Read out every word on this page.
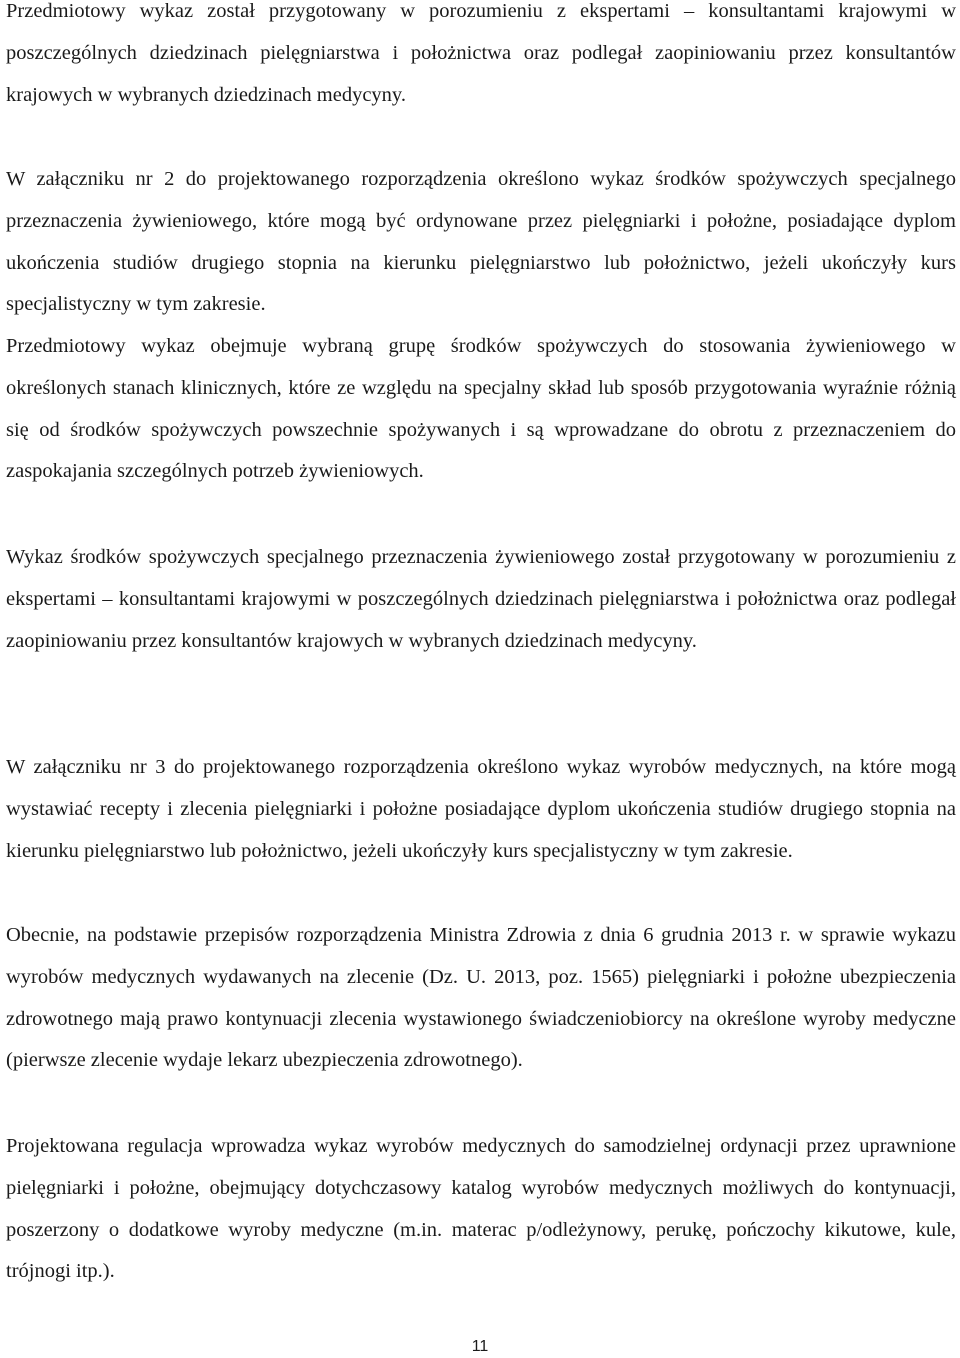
Przedmiotowy wykaz został przygotowany w porozumieniu z ekspertami – konsultantami krajowymi w poszczególnych dziedzinach pielęgniarstwa i położnictwa oraz podlegał zaopiniowaniu przez konsultantów krajowych w wybranych dziedzinach medycyny.

W załączniku nr 2 do projektowanego rozporządzenia określono wykaz środków spożywczych specjalnego przeznaczenia żywieniowego, które mogą być ordynowane przez pielęgniarki i położne, posiadające dyplom ukończenia studiów drugiego stopnia na kierunku pielęgniarstwo lub położnictwo, jeżeli ukończyły kurs specjalistyczny w tym zakresie.

Przedmiotowy wykaz obejmuje wybraną grupę środków spożywczych do stosowania żywieniowego w określonych stanach klinicznych, które ze względu na specjalny skład lub sposób przygotowania wyraźnie różnią się od środków spożywczych powszechnie spożywanych i są wprowadzane do obrotu z przeznaczeniem do zaspokajania szczególnych potrzeb żywieniowych.

Wykaz środków spożywczych specjalnego przeznaczenia żywieniowego został przygotowany w porozumieniu z ekspertami – konsultantami krajowymi w poszczególnych dziedzinach pielęgniarstwa i położnictwa oraz podlegał zaopiniowaniu przez konsultantów krajowych w wybranych dziedzinach medycyny.

W załączniku nr 3 do projektowanego rozporządzenia określono wykaz wyrobów medycznych, na które mogą wystawiać recepty i zlecenia pielęgniarki i położne posiadające dyplom ukończenia studiów drugiego stopnia na kierunku pielęgniarstwo lub położnictwo, jeżeli ukończyły kurs specjalistyczny w tym zakresie.

Obecnie, na podstawie przepisów rozporządzenia Ministra Zdrowia z dnia 6 grudnia 2013 r. w sprawie wykazu wyrobów medycznych wydawanych na zlecenie (Dz. U. 2013, poz. 1565) pielęgniarki i położne ubezpieczenia zdrowotnego mają prawo kontynuacji zlecenia wystawionego świadczeniobiorcy na określone wyroby medyczne (pierwsze zlecenie wydaje lekarz ubezpieczenia zdrowotnego).

Projektowana regulacja wprowadza wykaz wyrobów medycznych do samodzielnej ordynacji przez uprawnione pielęgniarki i położne, obejmujący dotychczasowy katalog wyrobów medycznych możliwych do kontynuacji, poszerzony o dodatkowe wyroby medyczne (m.in. materac p/odleżynowy, perukę, pończochy kikutowe, kule, trójnogi itp.).

11
